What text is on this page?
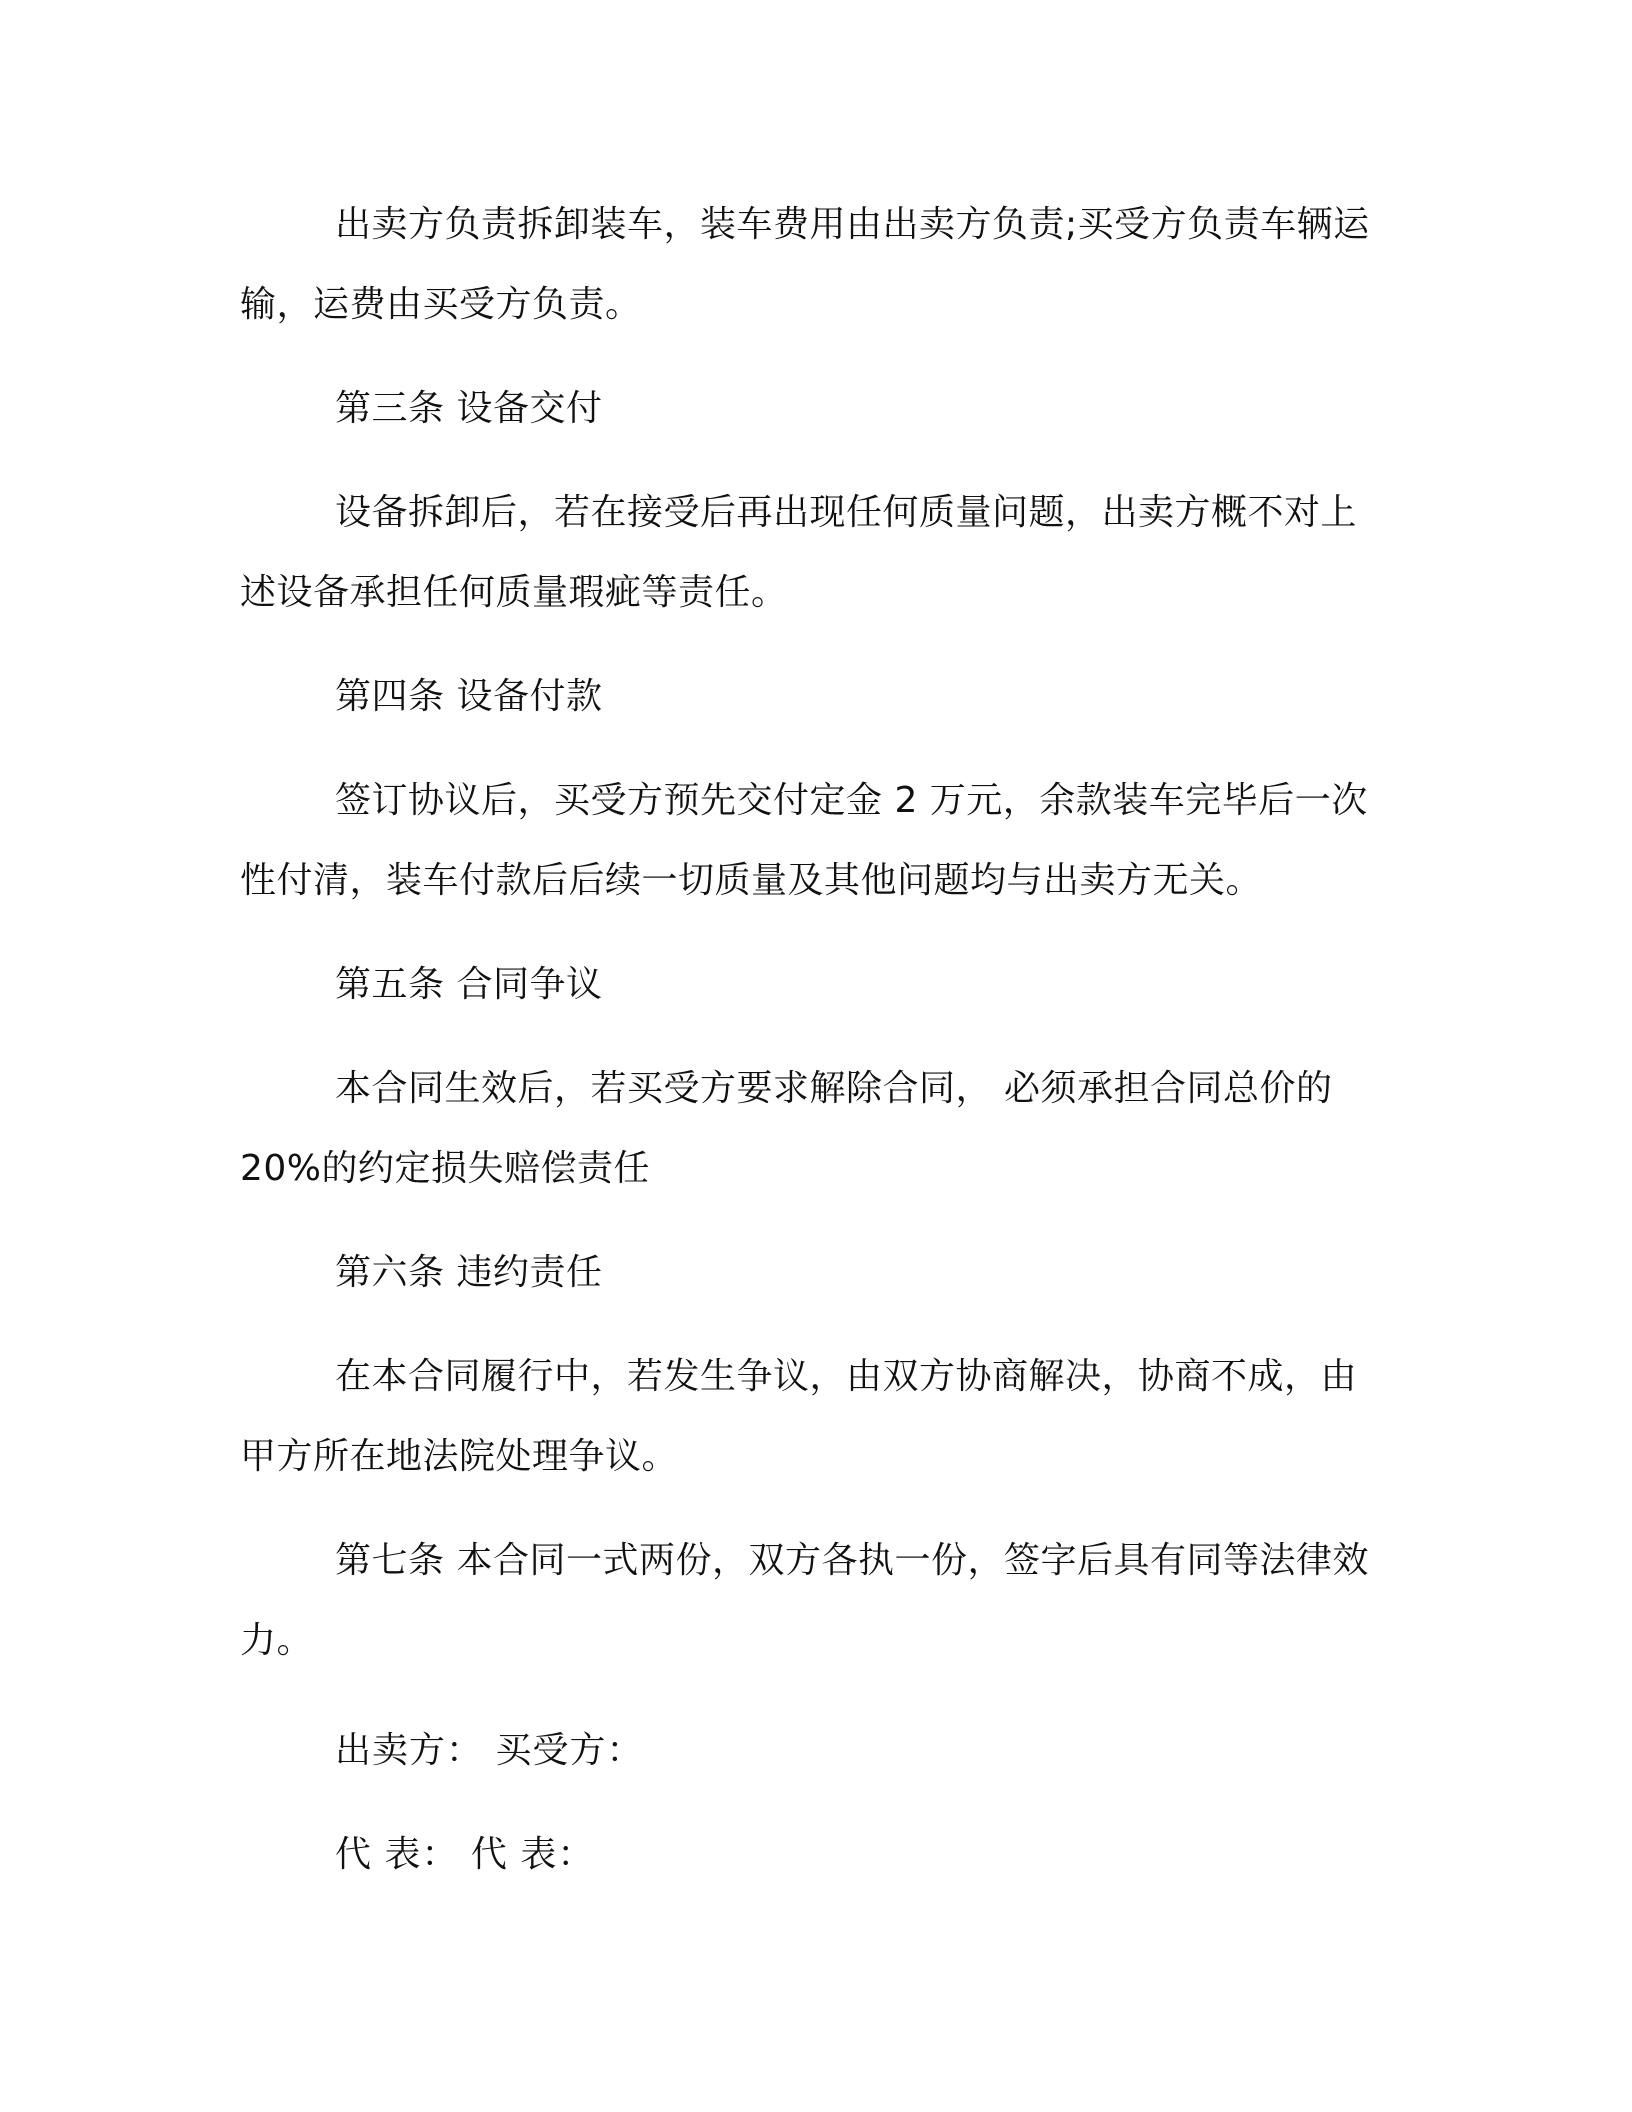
出卖方负责拆卸装车，装车费用由出卖方负责;买受方负责车辆运输，运费由买受方负责。

第三条 设备交付

设备拆卸后，若在接受后再出现任何质量问题，出卖方概不对上述设备承担任何质量瑕疵等责任。

第四条 设备付款

签订协议后，买受方预先交付定金 2 万元，余款装车完毕后一次性付清，装车付款后后续一切质量及其他问题均与出卖方无关。

第五条 合同争议

本合同生效后，若买受方要求解除合同， 必须承担合同总价的20%的约定损失赔偿责任

第六条 违约责任

在本合同履行中，若发生争议，由双方协商解决，协商不成，由甲方所在地法院处理争议。

第七条 本合同一式两份，双方各执一份，签字后具有同等法律效力。

出卖方： 买受方：

代 表： 代 表：
